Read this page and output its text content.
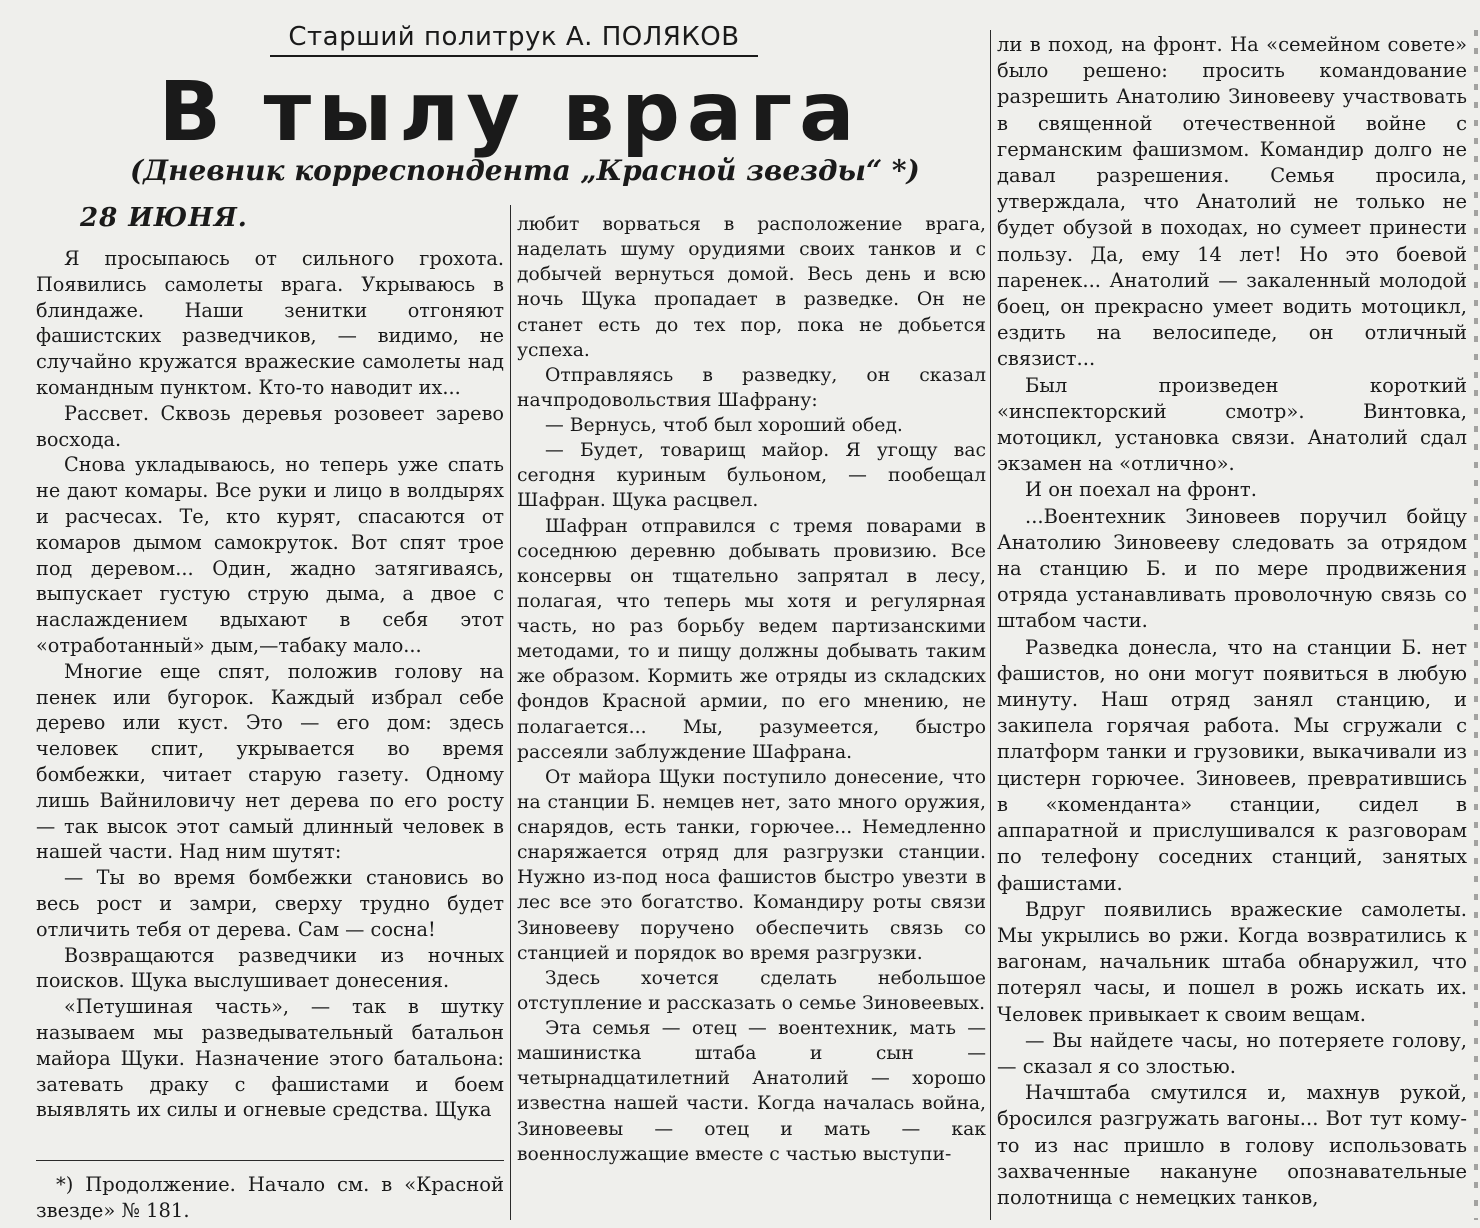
Старший политрук А. ПОЛЯКОВ
В тылу врага
(Дневник корреспондента „Красной звезды“ *)
28 ИЮНЯ.

Я просыпаюсь от сильного грохота. Появились самолеты врага. Укрываюсь в блиндаже. Наши зенитки отгоняют фашистских разведчиков, — видимо, не случайно кружатся вражеские самолеты над командным пунктом. Кто-то наводит их...

Рассвет. Сквозь деревья розовеет зарево восхода.

Снова укладываюсь, но теперь уже спать не дают комары. Все руки и лицо в волдырях и расчесах. Те, кто курят, спасаются от комаров дымом самокруток. Вот спят трое под деревом... Один, жадно затягиваясь, выпускает густую струю дыма, а двое с наслаждением вдыхают в себя этот «отработанный» дым,—табаку мало...

Многие еще спят, положив голову на пенек или бугорок. Каждый избрал себе дерево или куст. Это — его дом: здесь человек спит, укрывается во время бомбежки, читает старую газету. Одному лишь Вайниловичу нет дерева по его росту — так высок этот самый длинный человек в нашей части. Над ним шутят:

— Ты во время бомбежки становись во весь рост и замри, сверху трудно будет отличить тебя от дерева. Сам — сосна!

Возвращаются разведчики из ночных поисков. Щука выслушивает донесения.

«Петушиная часть», — так в шутку называем мы разведывательный батальон майора Щуки. Назначение этого батальона: затевать драку с фашистами и боем выявлять их силы и огневые средства. Щука

любит ворваться в расположение врага, наделать шуму орудиями своих танков и с добычей вернуться домой. Весь день и всю ночь Щука пропадает в разведке. Он не станет есть до тех пор, пока не добьется успеха.

Отправляясь в разведку, он сказал начпродовольствия Шафрану:

— Вернусь, чтоб был хороший обед.

— Будет, товарищ майор. Я угощу вас сегодня куриным бульоном, — пообещал Шафран. Щука расцвел.

Шафран отправился с тремя поварами в соседнюю деревню добывать провизию. Все консервы он тщательно запрятал в лесу, полагая, что теперь мы хотя и регулярная часть, но раз борьбу ведем партизанскими методами, то и пищу должны добывать таким же образом. Кормить же отряды из складских фондов Красной армии, по его мнению, не полагается... Мы, разумеется, быстро рассеяли заблуждение Шафрана.

От майора Щуки поступило донесение, что на станции Б. немцев нет, зато много оружия, снарядов, есть танки, горючее... Немедленно снаряжается отряд для разгрузки станции. Нужно из-под носа фашистов быстро увезти в лес все это богатство. Командиру роты связи Зиновееву поручено обеспечить связь со станцией и порядок во время разгрузки.

Здесь хочется сделать небольшое отступление и рассказать о семье Зиновеевых.

Эта семья — отец — воентехник, мать — машинистка штаба и сын — четырнадцатилетний Анатолий — хорошо известна нашей части. Когда началась война, Зиновеевы — отец и мать — как военнослужащие вместе с частью выступи-

ли в поход, на фронт. На «семейном совете» было решено: просить командование разрешить Анатолию Зиновееву участвовать в священной отечественной войне с германским фашизмом. Командир долго не давал разрешения. Семья просила, утверждала, что Анатолий не только не будет обузой в походах, но сумеет принести пользу. Да, ему 14 лет! Но это боевой паренек... Анатолий — закаленный молодой боец, он прекрасно умеет водить мотоцикл, ездить на велосипеде, он отличный связист...

Был произведен короткий «инспекторский смотр». Винтовка, мотоцикл, установка связи. Анатолий сдал экзамен на «отлично».

И он поехал на фронт.

...Воентехник Зиновеев поручил бойцу Анатолию Зиновееву следовать за отрядом на станцию Б. и по мере продвижения отряда устанавливать проволочную связь со штабом части.

Разведка донесла, что на станции Б. нет фашистов, но они могут появиться в любую минуту. Наш отряд занял станцию, и закипела горячая работа. Мы сгружали с платформ танки и грузовики, выкачивали из цистерн горючее. Зиновеев, превратившись в «коменданта» станции, сидел в аппаратной и прислушивался к разговорам по телефону соседних станций, занятых фашистами.

Вдруг появились вражеские самолеты. Мы укрылись во ржи. Когда возвратились к вагонам, начальник штаба обнаружил, что потерял часы, и пошел в рожь искать их. Человек привыкает к своим вещам.

— Вы найдете часы, но потеряете голову, — сказал я со злостью.

Начштаба смутился и, махнув рукой, бросился разгружать вагоны... Вот тут кому-то из нас пришло в голову использовать захваченные накануне опознавательные полотнища с немецких танков,

*) Продолжение. Начало см. в «Красной звезде» № 181.
